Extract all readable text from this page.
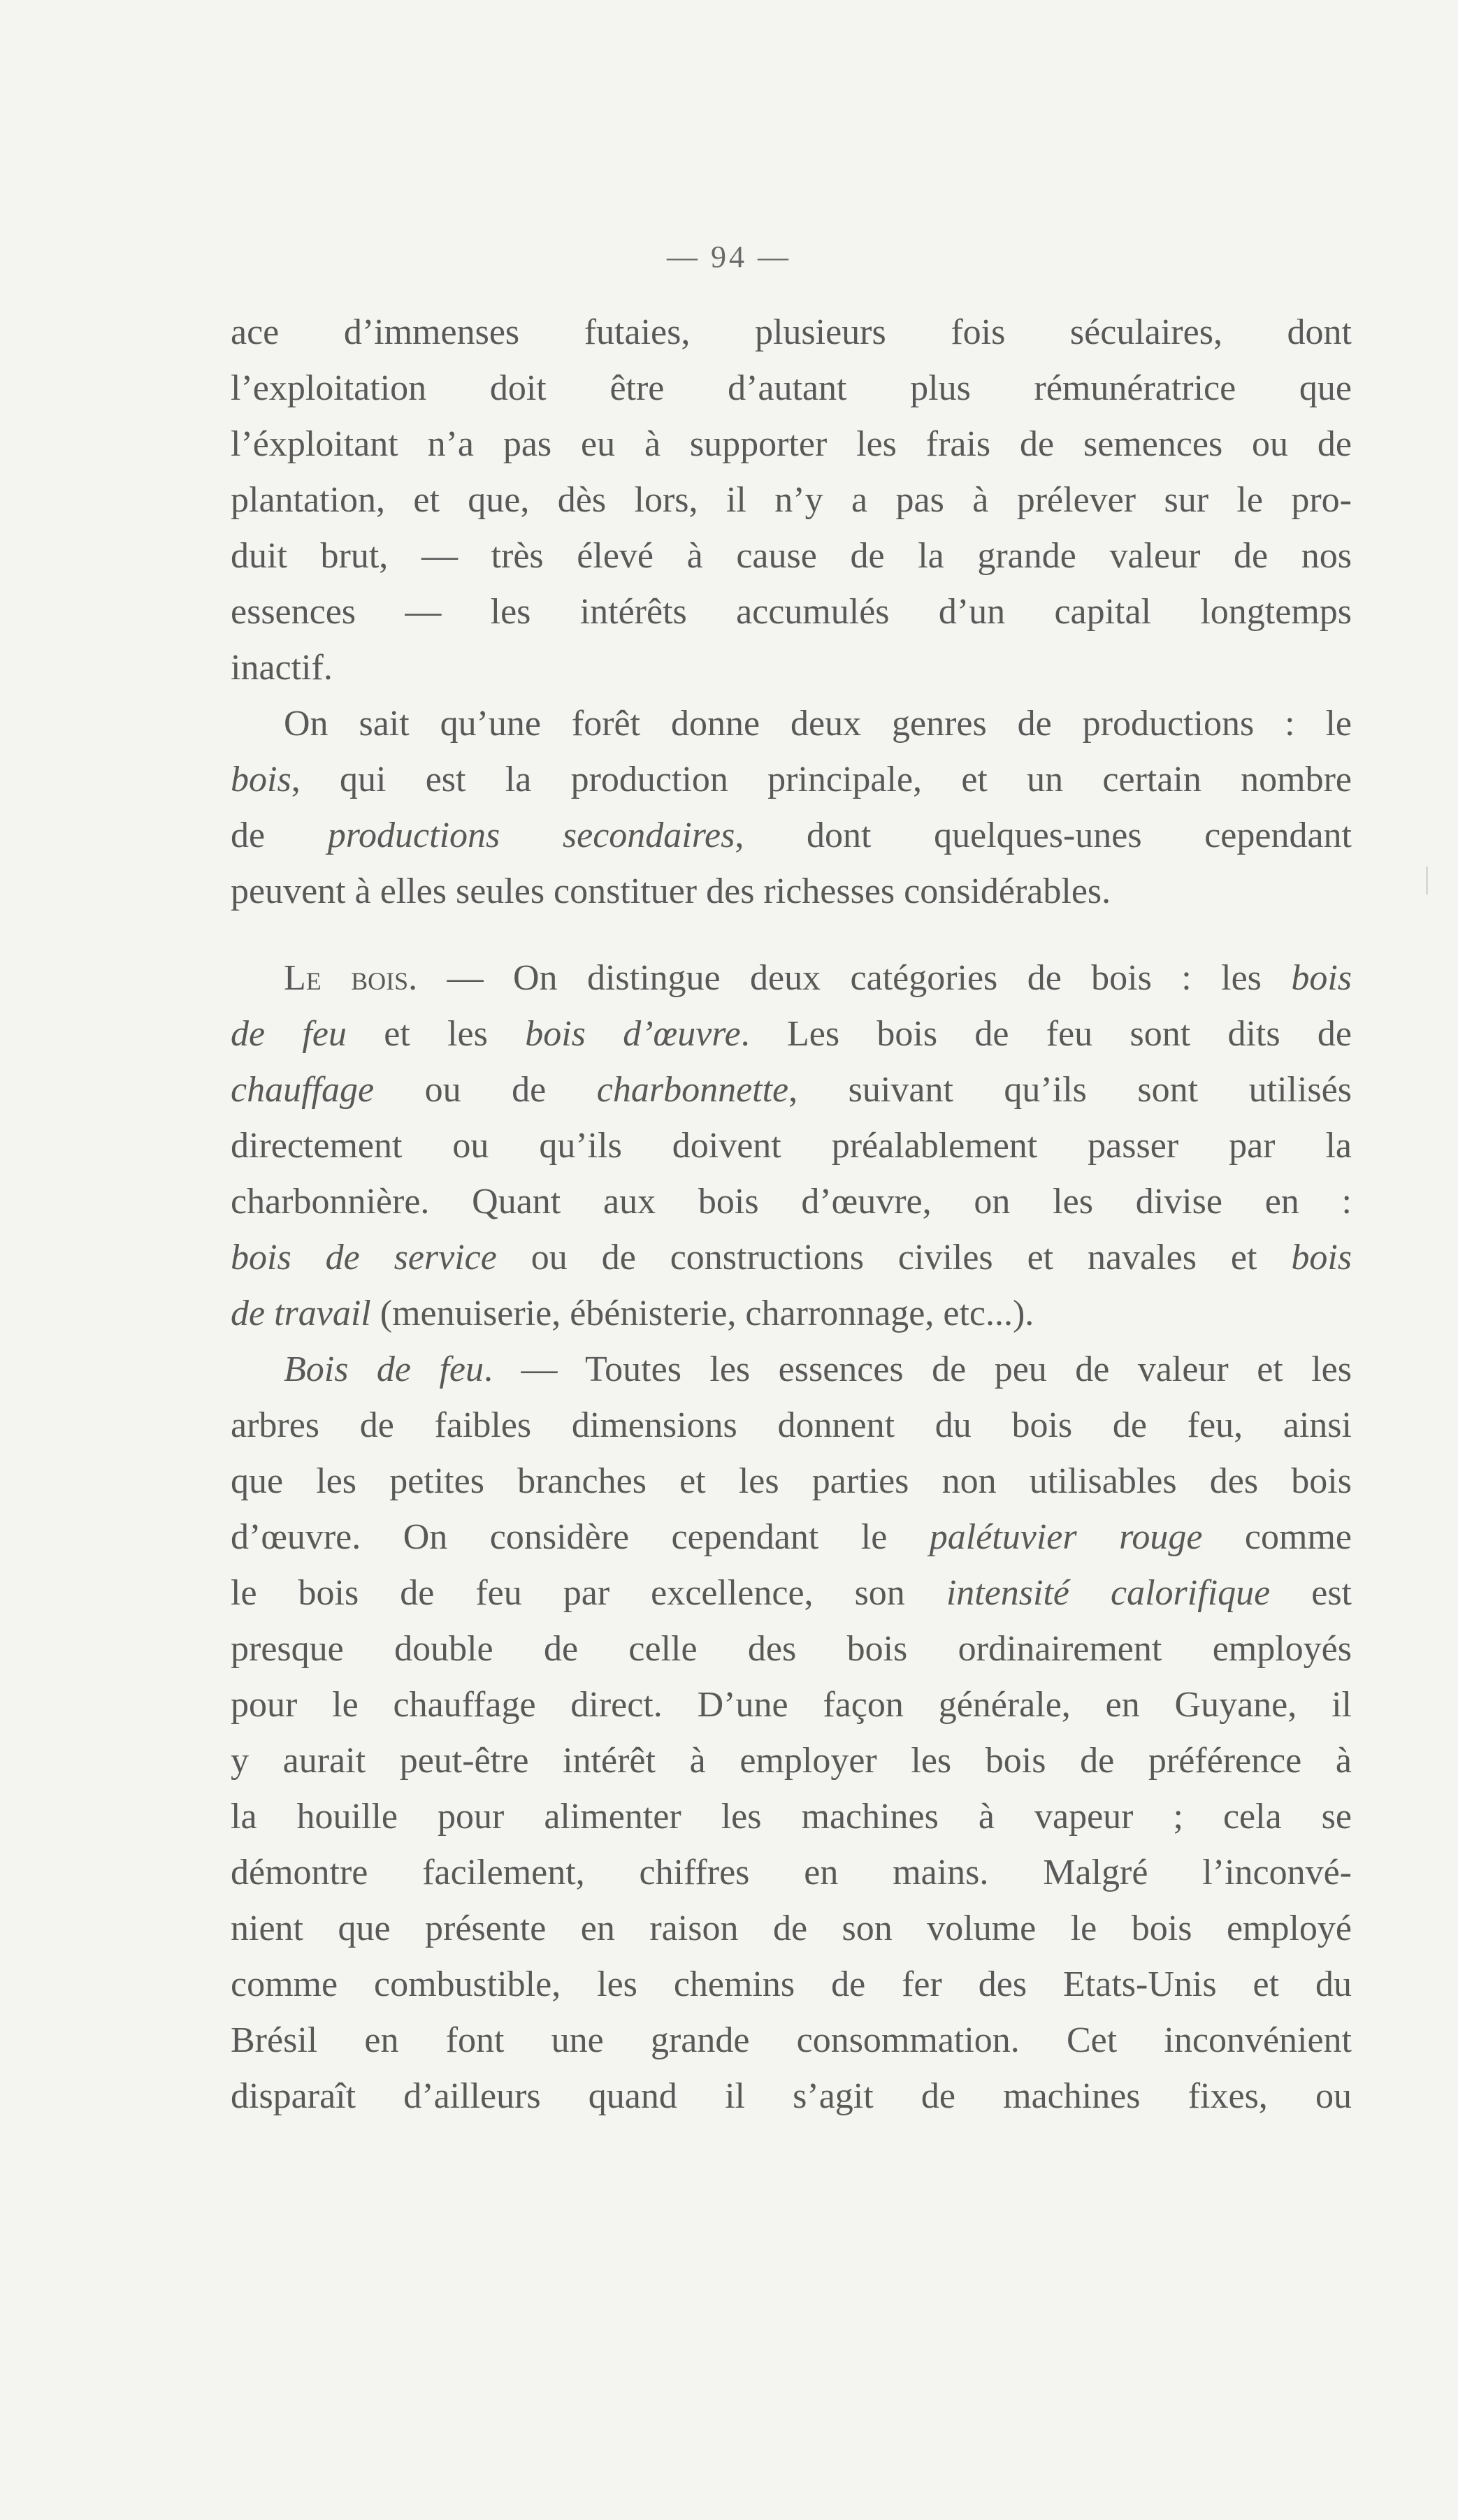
— 94 —
ace d’immenses futaies, plusieurs fois séculaires, dont
l’exploitation doit être d’autant plus rémunératrice que
l’éxploitant n’a pas eu à supporter les frais de semences ou de
plantation, et que, dès lors, il n’y a pas à prélever sur le pro-
duit brut, — très élevé à cause de la grande valeur de nos
essences — les intérêts accumulés d’un capital longtemps
inactif.
On sait qu’une forêt donne deux genres de productions : le
bois, qui est la production principale, et un certain nombre
de productions secondaires, dont quelques-unes cependant
peuvent à elles seules constituer des richesses considérables.
Le bois. — On distingue deux catégories de bois : les bois
de feu et les bois d’œuvre. Les bois de feu sont dits de
chauffage ou de charbonnette, suivant qu’ils sont utilisés
directement ou qu’ils doivent préalablement passer par la
charbonnière. Quant aux bois d’œuvre, on les divise en :
bois de service ou de constructions civiles et navales et bois
de travail (menuiserie, ébénisterie, charronnage, etc...).
Bois de feu. — Toutes les essences de peu de valeur et les
arbres de faibles dimensions donnent du bois de feu, ainsi
que les petites branches et les parties non utilisables des bois
d’œuvre. On considère cependant le palétuvier rouge comme
le bois de feu par excellence, son intensité calorifique est
presque double de celle des bois ordinairement employés
pour le chauffage direct. D’une façon générale, en Guyane, il
y aurait peut-être intérêt à employer les bois de préférence à
la houille pour alimenter les machines à vapeur ; cela se
démontre facilement, chiffres en mains. Malgré l’inconvé-
nient que présente en raison de son volume le bois employé
comme combustible, les chemins de fer des Etats-Unis et du
Brésil en font une grande consommation. Cet inconvénient
disparaît d’ailleurs quand il s’agit de machines fixes, ou
